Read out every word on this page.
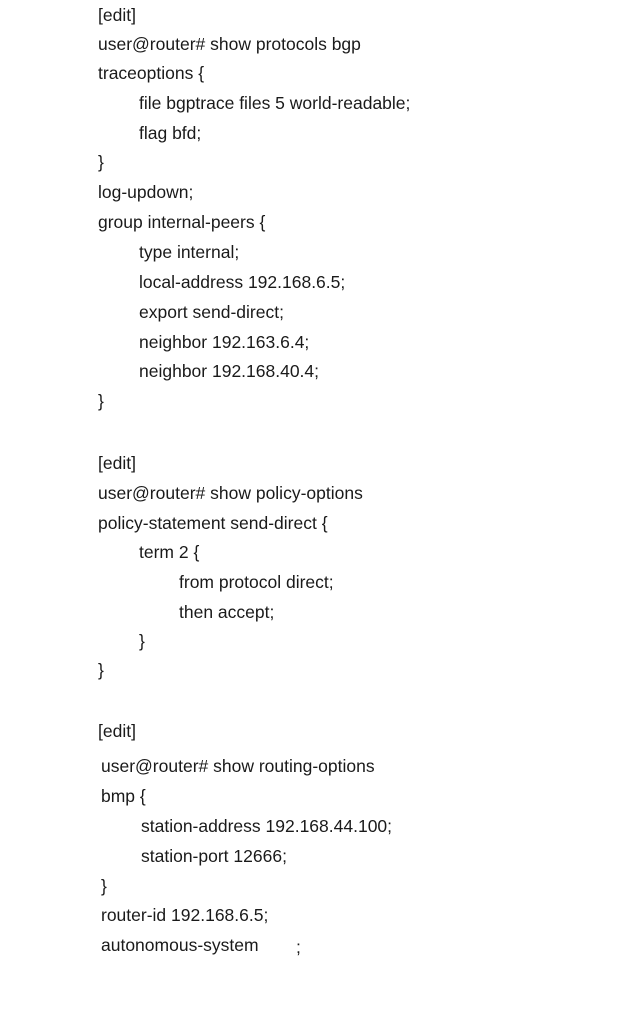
[edit]
user@router# show protocols bgp
traceoptions {
file bgptrace files 5 world-readable;
flag bfd;
}
log-updown;
group internal-peers {
type internal;
local-address 192.168.6.5;
export send-direct;
neighbor 192.163.6.4;
neighbor 192.168.40.4;
}
[edit]
user@router# show policy-options
policy-statement send-direct {
term 2 {
from protocol direct;
then accept;
}
}
[edit]
user@router# show routing-options
bmp {
station-address 192.168.44.100;
station-port 12666;
}
router-id 192.168.6.5;
autonomous-system ;
